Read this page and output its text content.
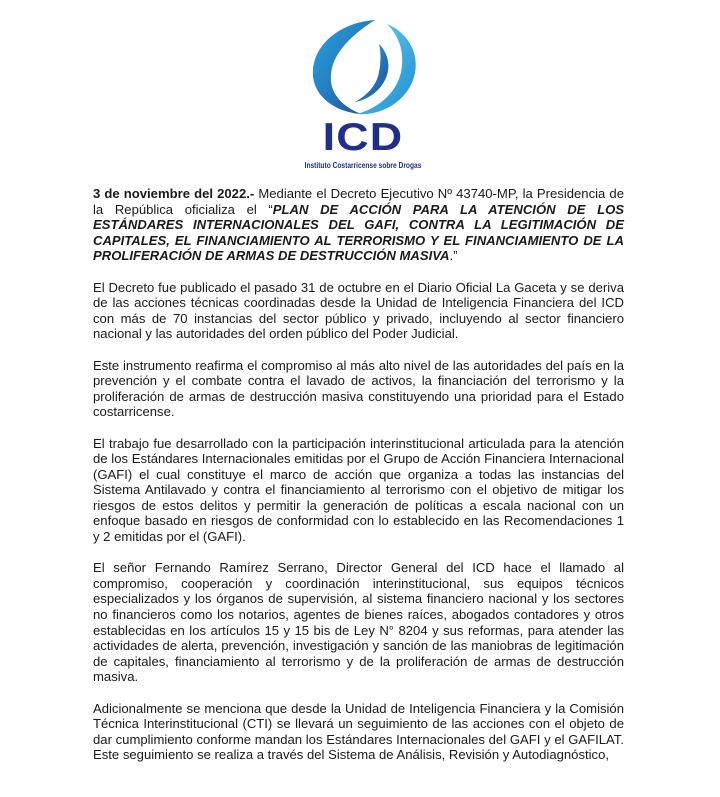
ICD
Instituto Costarricense sobre Drogas

3 de noviembre del 2022.- Mediante el Decreto Ejecutivo Nº 43740-MP, la Presidencia de la República oficializa el “PLAN DE ACCIÓN PARA LA ATENCIÓN DE LOS ESTÁNDARES INTERNACIONALES DEL GAFI, CONTRA LA LEGITIMACIÓN DE CAPITALES, EL FINANCIAMIENTO AL TERRORISMO Y EL FINANCIAMIENTO DE LA PROLIFERACIÓN DE ARMAS DE DESTRUCCIÓN MASIVA.”

El Decreto fue publicado el pasado 31 de octubre en el Diario Oficial La Gaceta y se deriva de las acciones técnicas coordinadas desde la Unidad de Inteligencia Financiera del ICD con más de 70 instancias del sector público y privado, incluyendo al sector financiero nacional y las autoridades del orden público del Poder Judicial.

Este instrumento reafirma el compromiso al más alto nivel de las autoridades del país en la prevención y el combate contra el lavado de activos, la financiación del terrorismo y la proliferación de armas de destrucción masiva constituyendo una prioridad para el Estado costarricense.

El trabajo fue desarrollado con la participación interinstitucional articulada para la atención de los Estándares Internacionales emitidas por el Grupo de Acción Financiera Internacional (GAFI) el cual constituye el marco de acción que organiza a todas las instancias del Sistema Antilavado y contra el financiamiento al terrorismo con el objetivo de mitigar los riesgos de estos delitos y permitir la generación de políticas a escala nacional con un enfoque basado en riesgos de conformidad con lo establecido en las Recomendaciones 1 y 2 emitidas por el (GAFI).

El señor Fernando Ramírez Serrano, Director General del ICD hace el llamado al compromiso, cooperación y coordinación interinstitucional, sus equipos técnicos especializados y los órganos de supervisión, al sistema financiero nacional y los sectores no financieros como los notarios, agentes de bienes raíces, abogados contadores y otros establecidas en los artículos 15 y 15 bis de Ley N° 8204 y sus reformas, para atender las actividades de alerta, prevención, investigación y sanción de las maniobras de legitimación de capitales, financiamiento al terrorismo y de la proliferación de armas de destrucción masiva.

Adicionalmente se menciona que desde la Unidad de Inteligencia Financiera y la Comisión Técnica Interinstitucional (CTI) se llevará un seguimiento de las acciones con el objeto de dar cumplimiento conforme mandan los Estándares Internacionales del GAFI y el GAFILAT. Este seguimiento se realiza a través del Sistema de Análisis, Revisión y Autodiagnóstico,
